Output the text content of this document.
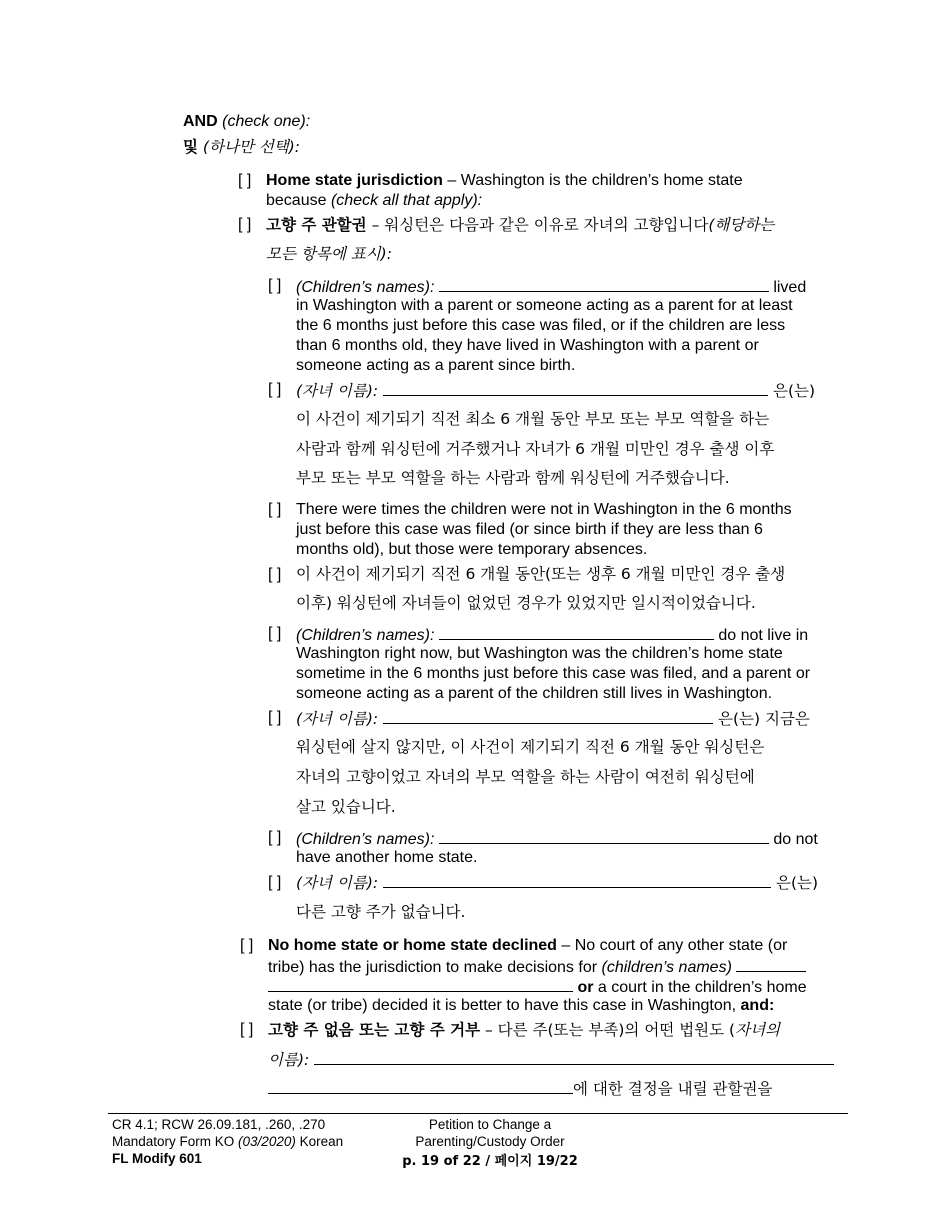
AND (check one):
및 (하나만 선택):
[ ] Home state jurisdiction – Washington is the children’s home state
because (check all that apply):
[ ] 고향 주 관할권 – 워싱턴은 다음과 같은 이유로 자녀의 고향입니다(해당하는
모든 항목에 표시):
[ ] (Children’s names):	lived
in Washington with a parent or someone acting as a parent for at least
the 6 months just before this case was filed, or if the children are less
than 6 months old, they have lived in Washington with a parent or
someone acting as a parent since birth.
[ ] (자녀 이름):	은(는)
이 사건이 제기되기 직전 최소 6 개월 동안 부모 또는 부모 역할을 하는
사람과 함께 워싱턴에 거주했거나 자녀가 6 개월 미만인 경우 출생 이후
부모 또는 부모 역할을 하는 사람과 함께 워싱턴에 거주했습니다.
[ ] There were times the children were not in Washington in the 6 months
just before this case was filed (or since birth if they are less than 6
months old), but those were temporary absences.
[ ] 이 사건이 제기되기 직전 6 개월 동안(또는 생후 6 개월 미만인 경우 출생
이후) 워싱턴에 자녀들이 없었던 경우가 있었지만 일시적이었습니다.
[ ] (Children’s names):	do not live in
Washington right now, but Washington was the children’s home state
sometime in the 6 months just before this case was filed, and a parent or
someone acting as a parent of the children still lives in Washington.
[ ] (자녀 이름):	은(는) 지금은
워싱턴에 살지 않지만, 이 사건이 제기되기 직전 6 개월 동안 워싱턴은
자녀의 고향이었고 자녀의 부모 역할을 하는 사람이 여전히 워싱턴에
살고 있습니다.
[ ] (Children’s names):	do not
have another home state.
[ ] (자녀 이름):	은(는)
다른 고향 주가 없습니다.
[ ] No home state or home state declined – No court of any other state (or
tribe) has the jurisdiction to make decisions for (children’s names)
or a court in the children’s home
state (or tribe) decided it is better to have this case in Washington, and:
[ ] 고향 주 없음 또는 고향 주 거부 – 다른 주(또는 부족)의 어떤 법원도 (자녀의
이름):
에 대한 결정을 내릴 관할권을
CR 4.1; RCW 26.09.181, .260, .270
Mandatory Form KO (03/2020) Korean
FL Modify 601
Petition to Change a
Parenting/Custody Order
p. 19 of 22 / 페이지 19/22
